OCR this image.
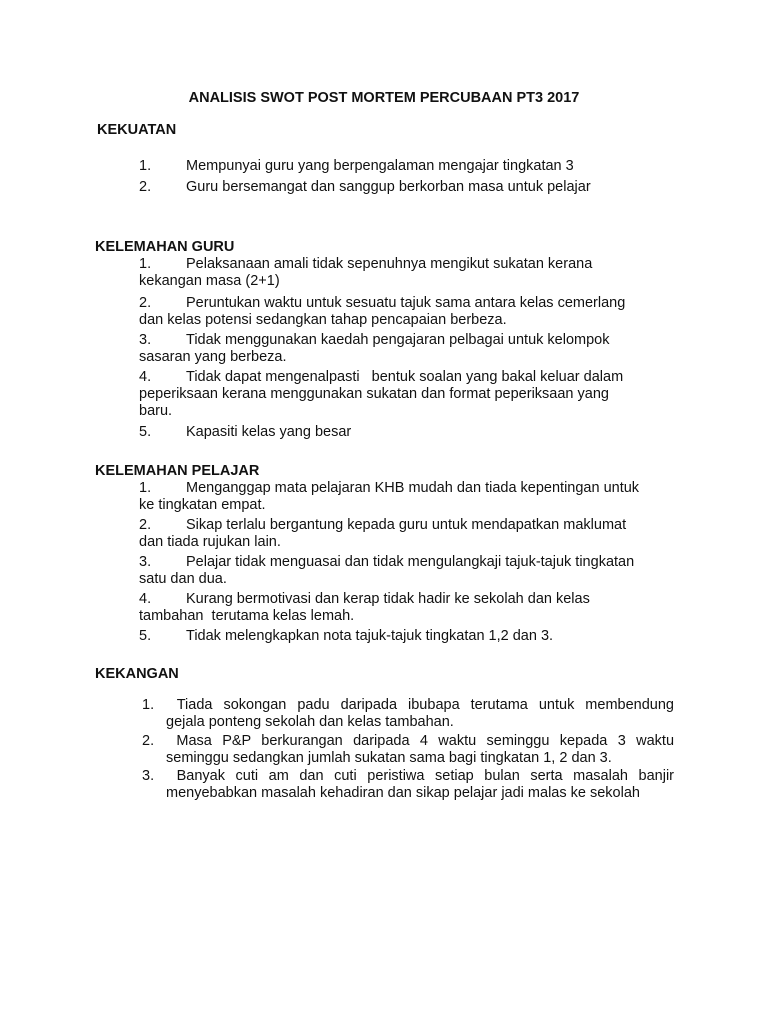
ANALISIS SWOT POST MORTEM PERCUBAAN PT3 2017
KEKUATAN
1. Mempunyai guru yang berpengalaman mengajar tingkatan 3
2. Guru bersemangat dan sanggup berkorban masa untuk pelajar
KELEMAHAN GURU
1. Pelaksanaan amali tidak sepenuhnya mengikut sukatan kerana
kekangan masa (2+1)
2. Peruntukan waktu untuk sesuatu tajuk sama antara kelas cemerlang
dan kelas potensi sedangkan tahap pencapaian berbeza.
3. Tidak menggunakan kaedah pengajaran pelbagai untuk kelompok
sasaran yang berbeza.
4. Tidak dapat mengenalpasti   bentuk soalan yang bakal keluar dalam
peperiksaan kerana menggunakan sukatan dan format peperiksaan yang
baru.
5. Kapasiti kelas yang besar
KELEMAHAN PELAJAR
1. Menganggap mata pelajaran KHB mudah dan tiada kepentingan untuk
ke tingkatan empat.
2. Sikap terlalu bergantung kepada guru untuk mendapatkan maklumat
dan tiada rujukan lain.
3. Pelajar tidak menguasai dan tidak mengulangkaji tajuk-tajuk tingkatan
satu dan dua.
4. Kurang bermotivasi dan kerap tidak hadir ke sekolah dan kelas
tambahan  terutama kelas lemah.
5. Tidak melengkapkan nota tajuk-tajuk tingkatan 1,2 dan 3.
KEKANGAN
1. Tiada sokongan padu daripada ibubapa terutama untuk membendung
gejala ponteng sekolah dan kelas tambahan.
2. Masa P&P berkurangan daripada 4 waktu seminggu kepada 3 waktu
seminggu sedangkan jumlah sukatan sama bagi tingkatan 1, 2 dan 3.
3. Banyak cuti am dan cuti peristiwa setiap bulan serta masalah banjir
menyebabkan masalah kehadiran dan sikap pelajar jadi malas ke sekolah
